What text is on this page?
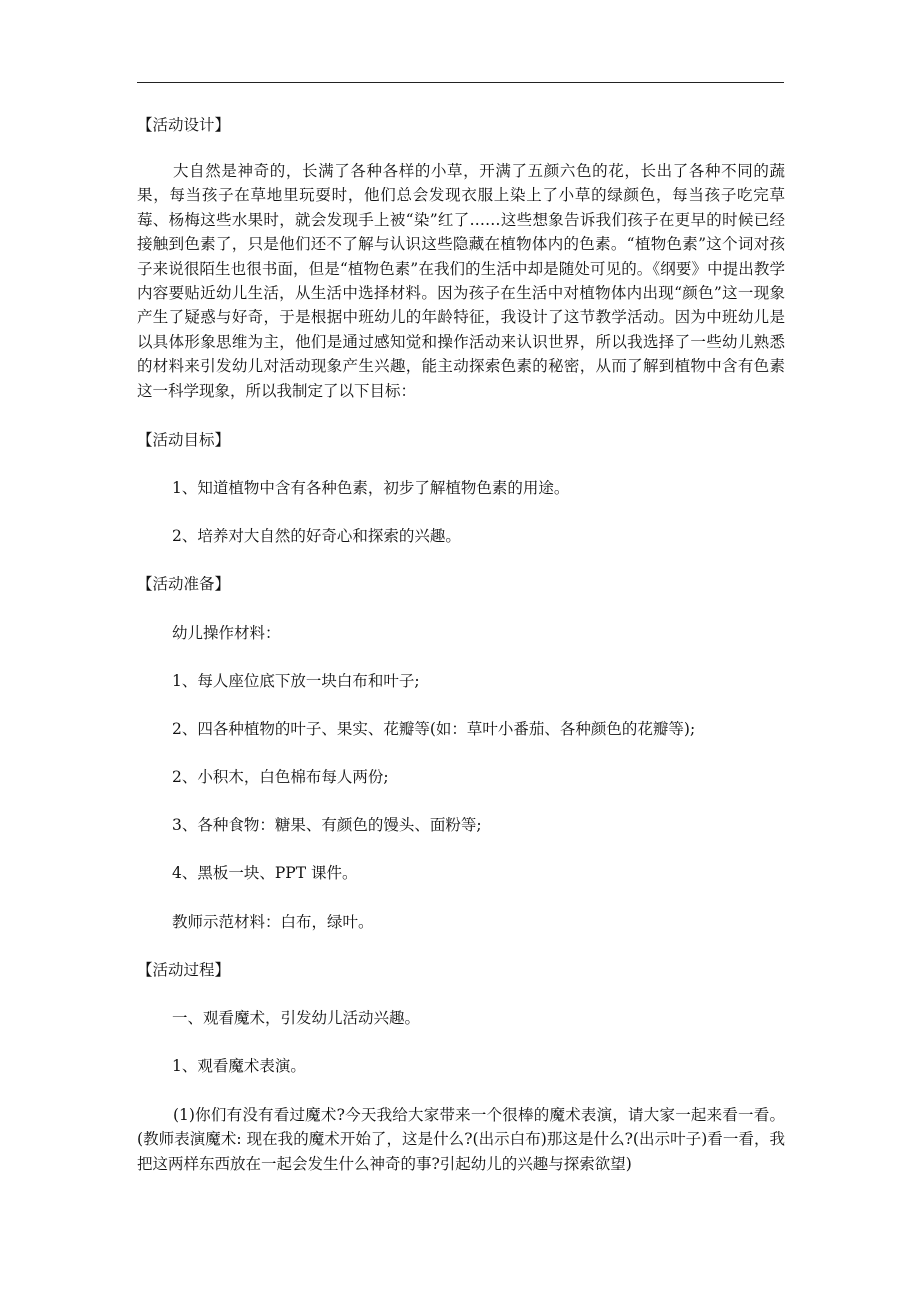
【活动设计】
大自然是神奇的，长满了各种各样的小草，开满了五颜六色的花，长出了各种不同的蔬果，每当孩子在草地里玩耍时，他们总会发现衣服上染上了小草的绿颜色，每当孩子吃完草莓、杨梅这些水果时，就会发现手上被“染”红了……这些想象告诉我们孩子在更早的时候已经接触到色素了，只是他们还不了解与认识这些隐藏在植物体内的色素。“植物色素”这个词对孩子来说很陌生也很书面，但是“植物色素”在我们的生活中却是随处可见的。《纲要》中提出教学内容要贴近幼儿生活，从生活中选择材料。因为孩子在生活中对植物体内出现“颜色”这一现象产生了疑惑与好奇，于是根据中班幼儿的年龄特征，我设计了这节教学活动。因为中班幼儿是以具体形象思维为主，他们是通过感知觉和操作活动来认识世界，所以我选择了一些幼儿熟悉的材料来引发幼儿对活动现象产生兴趣，能主动探索色素的秘密，从而了解到植物中含有色素这一科学现象，所以我制定了以下目标：
【活动目标】
1、知道植物中含有各种色素，初步了解植物色素的用途。
2、培养对大自然的好奇心和探索的兴趣。
【活动准备】
幼儿操作材料：
1、每人座位底下放一块白布和叶子;
2、四各种植物的叶子、果实、花瓣等(如：草叶小番茄、各种颜色的花瓣等);
2、小积木，白色棉布每人两份;
3、各种食物：糖果、有颜色的馒头、面粉等;
4、黑板一块、PPT 课件。
教师示范材料：白布，绿叶。
【活动过程】
一、观看魔术，引发幼儿活动兴趣。
1、观看魔术表演。
(1)你们有没有看过魔术?今天我给大家带来一个很棒的魔术表演，请大家一起来看一看。(教师表演魔术: 现在我的魔术开始了，这是什么?(出示白布)那这是什么?(出示叶子)看一看，我把这两样东西放在一起会发生什么神奇的事?引起幼儿的兴趣与探索欲望)
